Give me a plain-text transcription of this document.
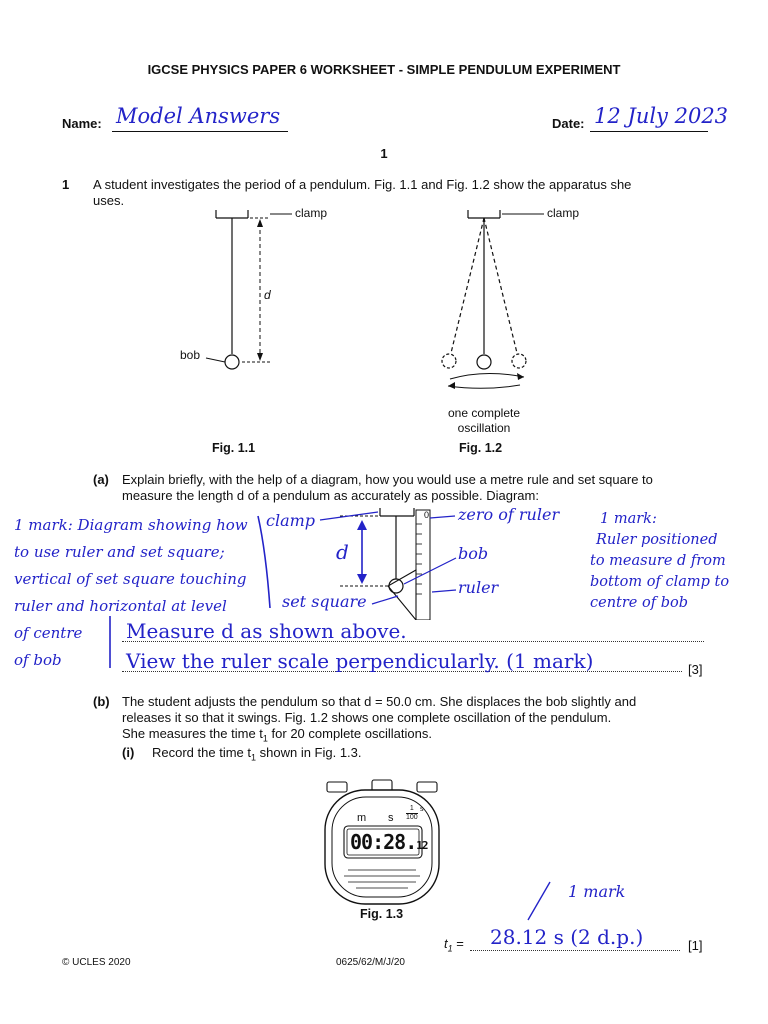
IGCSE PHYSICS PAPER 6 WORKSHEET - SIMPLE PENDULUM EXPERIMENT
Name: Model Answers	Date: 12 July 2023
1
1 A student investigates the period of a pendulum. Fig. 1.1 and Fig. 1.2 show the apparatus she
uses.
clamp
d
bob
Fig. 1.1
clamp
one complete
oscillation
Fig. 1.2
(a) Explain briefly, with the help of a diagram, how you would use a metre rule and set square to
measure the length d of a pendulum as accurately as possible. Diagram:
1 mark: Diagram showing how
to use ruler and set square;
vertical of set square touching
ruler and horizontal at level
of centre
of bob
0
clamp	zero of ruler
d	bob
ruler
set square
1 mark:
Ruler positioned
to measure d from
bottom of clamp to
centre of bob
Measure d as shown above.
View the ruler scale perpendicularly. (1 mark)	[3]
(b) The student adjusts the pendulum so that d = 50.0 cm. She displaces the bob slightly and
releases it so that it swings. Fig. 1.2 shows one complete oscillation of the pendulum.
She measures the time $t_1$ for 20 complete oscillations.
(i) Record the time $t_1$ shown in Fig. 1.3.
m s $\frac{1}{100}$ s
00:28.12
Fig. 1.3
1 mark
$t_1 = 28.12$ s (2 d.p.)	[1]
© UCLES 2020	0625/62/M/J/20
